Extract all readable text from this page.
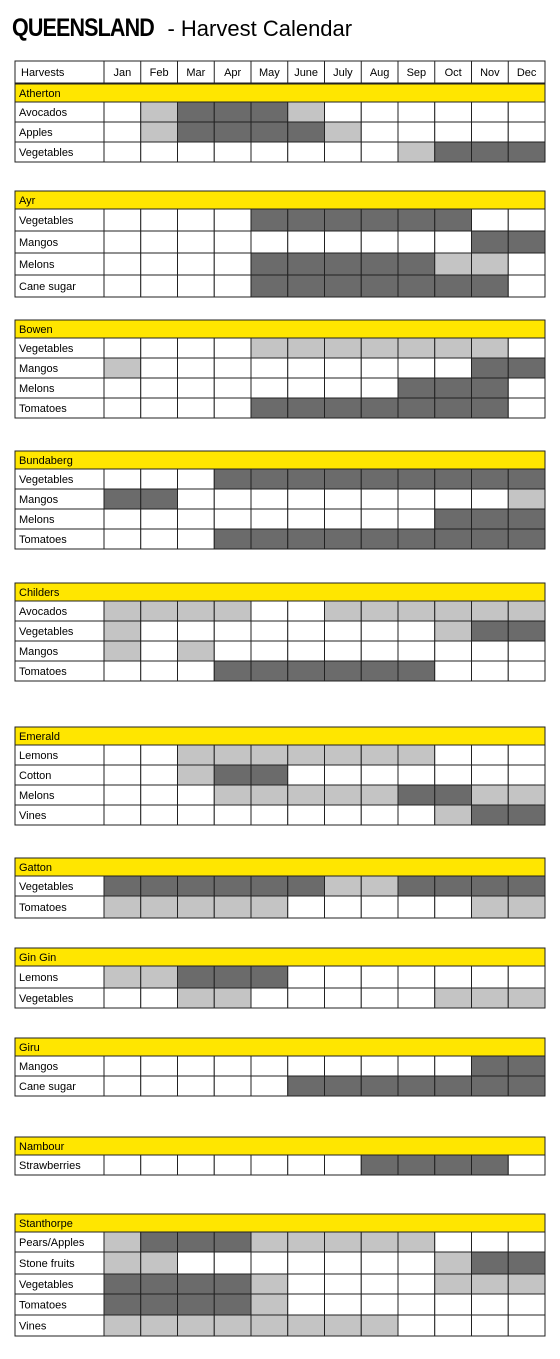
QUEENSLAND - Harvest Calendar
Harvests	Jan Feb Mar Apr May June July Aug Sep Oct Nov Dec
Atherton
Avocados
Apples
Vegetables
Ayr
Vegetables
Mangos
Melons
Cane sugar
Bowen
Vegetables
Mangos
Melons
Tomatoes
Bundaberg
Vegetables
Mangos
Melons
Tomatoes
Childers
Avocados
Vegetables
Mangos
Tomatoes
Emerald
Lemons
Cotton
Melons
Vines
Gatton
Vegetables
Tomatoes
Gin Gin
Lemons
Vegetables
Giru
Mangos
Cane sugar
Nambour
Strawberries
Stanthorpe
Pears/Apples
Stone fruits
Vegetables
Tomatoes
Vines
